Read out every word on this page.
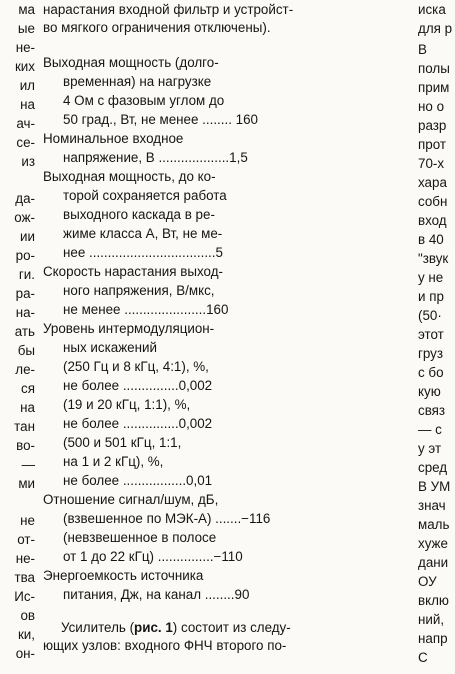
ма
ые
не-
ких
ил
на
ач-
се-
из
да-
ож-
ии
ро-
ги.
ра-
на-
ать
бы
ле-
ся
на
тан
во-
—
ми
не
от-
не-
тва
Ис-
ов
ки,
он-
нарастания входной фильтр и устройст-
во мягкого ограничения отключены).
Выходная мощность (долго-
временная) на нагрузке
4 Ом с фазовым углом до
50 град., Вт, не менее ........ 160
Номинальное входное
напряжение, В ...................1,5
Выходная мощность, до ко-
торой сохраняется работа
выходного каскада в ре-
жиме класса А, Вт, не ме-
нее ..................................5
Скорость нарастания выход-
ного напряжения, В/мкс,
не менее ......................160
Уровень интермодуляцион-
ных искажений
(250 Гц и 8 кГц, 4:1), %,
не более ...............0,002
(19 и 20 кГц, 1:1), %,
не более ...............0,002
(500 и 501 кГц, 1:1,
на 1 и 2 кГц), %,
не более .................0,01
Отношение сигнал/шум, дБ,
(взвешенное по МЭК-А) .......−116
(невзвешенное в полосе
от 1 до 22 кГц) ...............−110
Энергоемкость источника
питания, Дж, на канал ........90
Усилитель (рис. 1) состоит из следу-
ющих узлов: входного ФНЧ второго по-
иска
для р
В
полы
прим
но о
разр
прот
70-х
хара
собн
вход
в 40
"звук
у не
и пр
(50·
этот
груз
с бо
кую
связ
— с
у эт
сред
В УМ
знач
маль
хуже
дани
ОУ
вклю
ний,
напр
С
